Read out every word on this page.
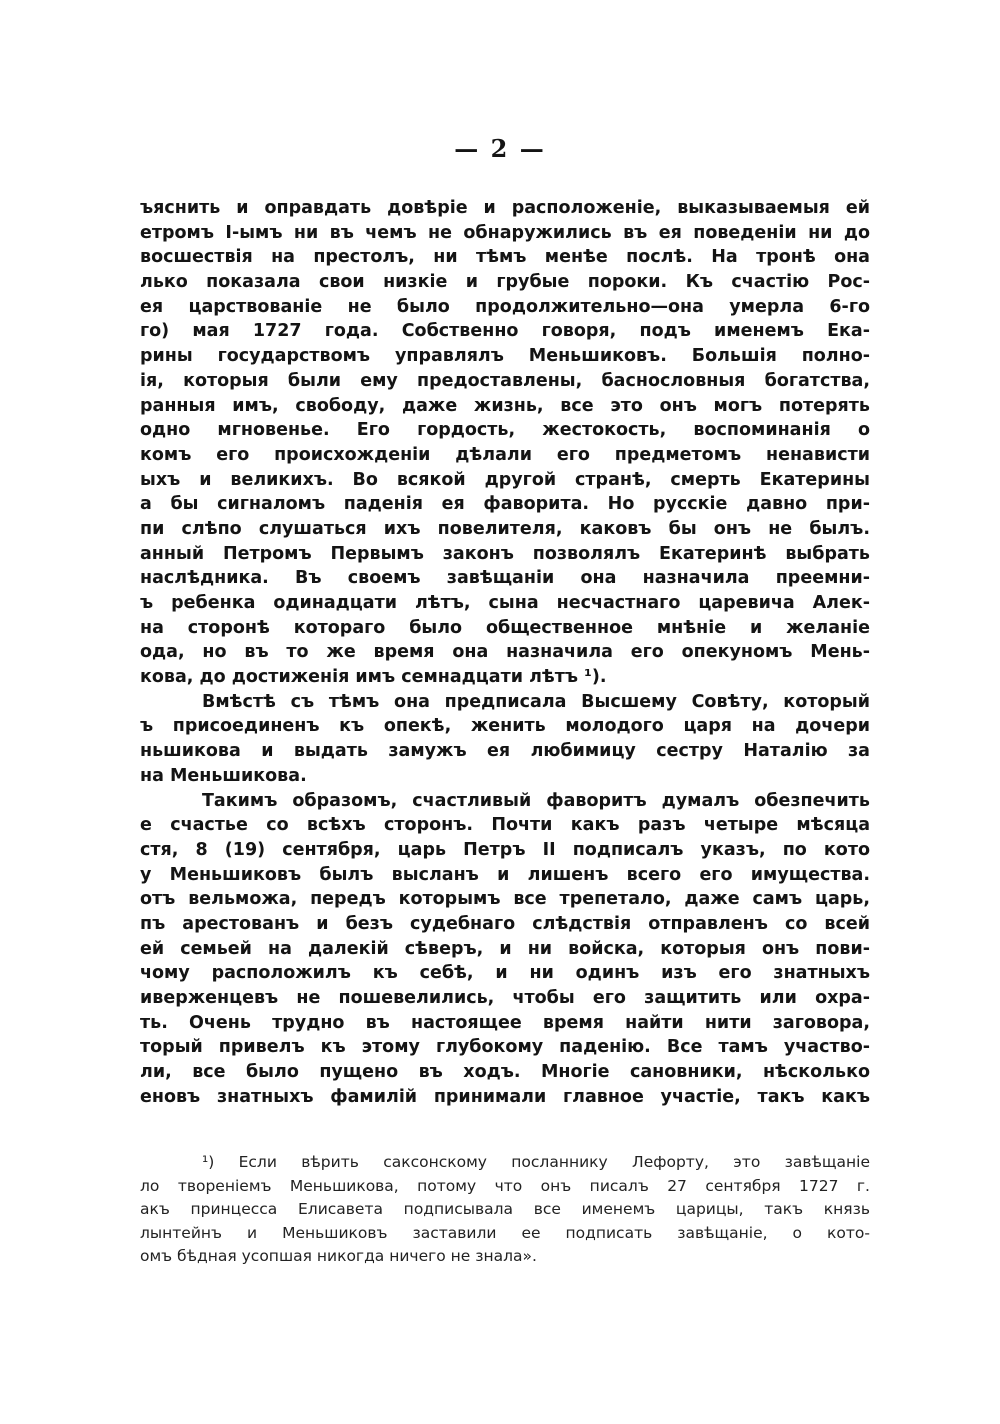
— 2 —
ъяснить и оправдать довѣріе и расположеніе, выказываемыя ей
етромъ I-ымъ ни въ чемъ не обнаружились въ ея поведеніи ни до
восшествія на престолъ, ни тѣмъ менѣе послѣ. На тронѣ она
лько показала свои низкіе и грубые пороки. Къ счастію Рос-
ея царствованіе не было продолжительно—она умерла 6-го
го) мая 1727 года. Собственно говоря, подъ именемъ Ека-
рины государствомъ управлялъ Меньшиковъ. Большія полно-
ія, которыя были ему предоставлены, баснословныя богатства,
ранныя имъ, свободу, даже жизнь, все это онъ могъ потерять
одно мгновенье. Его гордость, жестокость, воспоминанія о
комъ его происхожденіи дѣлали его предметомъ ненависти
ыхъ и великихъ. Во всякой другой странѣ, смерть Екатерины
а бы сигналомъ паденія ея фаворита. Но русскіе давно при-
пи слѣпо слушаться ихъ повелителя, каковъ бы онъ не былъ.
анный Петромъ Первымъ законъ позволялъ Екатеринѣ выбрать
наслѣдника. Въ своемъ завѣщаніи она назначила преемни-
ъ ребенка одинадцати лѣтъ, сына несчастнаго царевича Алек-
на сторонѣ котораго было общественное мнѣніе и желаніе
ода, но въ то же время она назначила его опекуномъ Мень-
кова, до достиженія имъ семнадцати лѣтъ ¹).
Вмѣстѣ съ тѣмъ она предписала Высшему Совѣту, который
ъ присоединенъ къ опекѣ, женить молодого царя на дочери
ньшикова и выдать замужъ ея любимицу сестру Наталію за
на Меньшикова.
Такимъ образомъ, счастливый фаворитъ думалъ обезпечить
е счастье со всѣхъ сторонъ. Почти какъ разъ четыре мѣсяца
стя, 8 (19) сентября, царь Петръ II подписалъ указъ, по кото
у Меньшиковъ былъ высланъ и лишенъ всего его имущества.
отъ вельможа, передъ которымъ все трепетало, даже самъ царь,
пъ арестованъ и безъ судебнаго слѣдствія отправленъ со всей
ей семьей на далекій сѣверъ, и ни войска, которыя онъ пови-
чому расположилъ къ себѣ, и ни одинъ изъ его знатныхъ
иверженцевъ не пошевелились, чтобы его защитить или охра-
ть. Очень трудно въ настоящее время найти нити заговора,
торый привелъ къ этому глубокому паденію. Все тамъ участво-
ли, все было пущено въ ходъ. Многіе сановники, нѣсколько
еновъ знатныхъ фамилій принимали главное участіе, такъ какъ
¹) Если вѣрить саксонскому посланнику Лефорту, это завѣщаніе
ло твореніемъ Меньшикова, потому что онъ писалъ 27 сентября 1727 г.
акъ принцесса Елисавета подписывала все именемъ царицы, такъ князь
лынтейнъ и Меньшиковъ заставили ее подписать завѣщаніе, о кото-
омъ бѣдная усопшая никогда ничего не знала».
